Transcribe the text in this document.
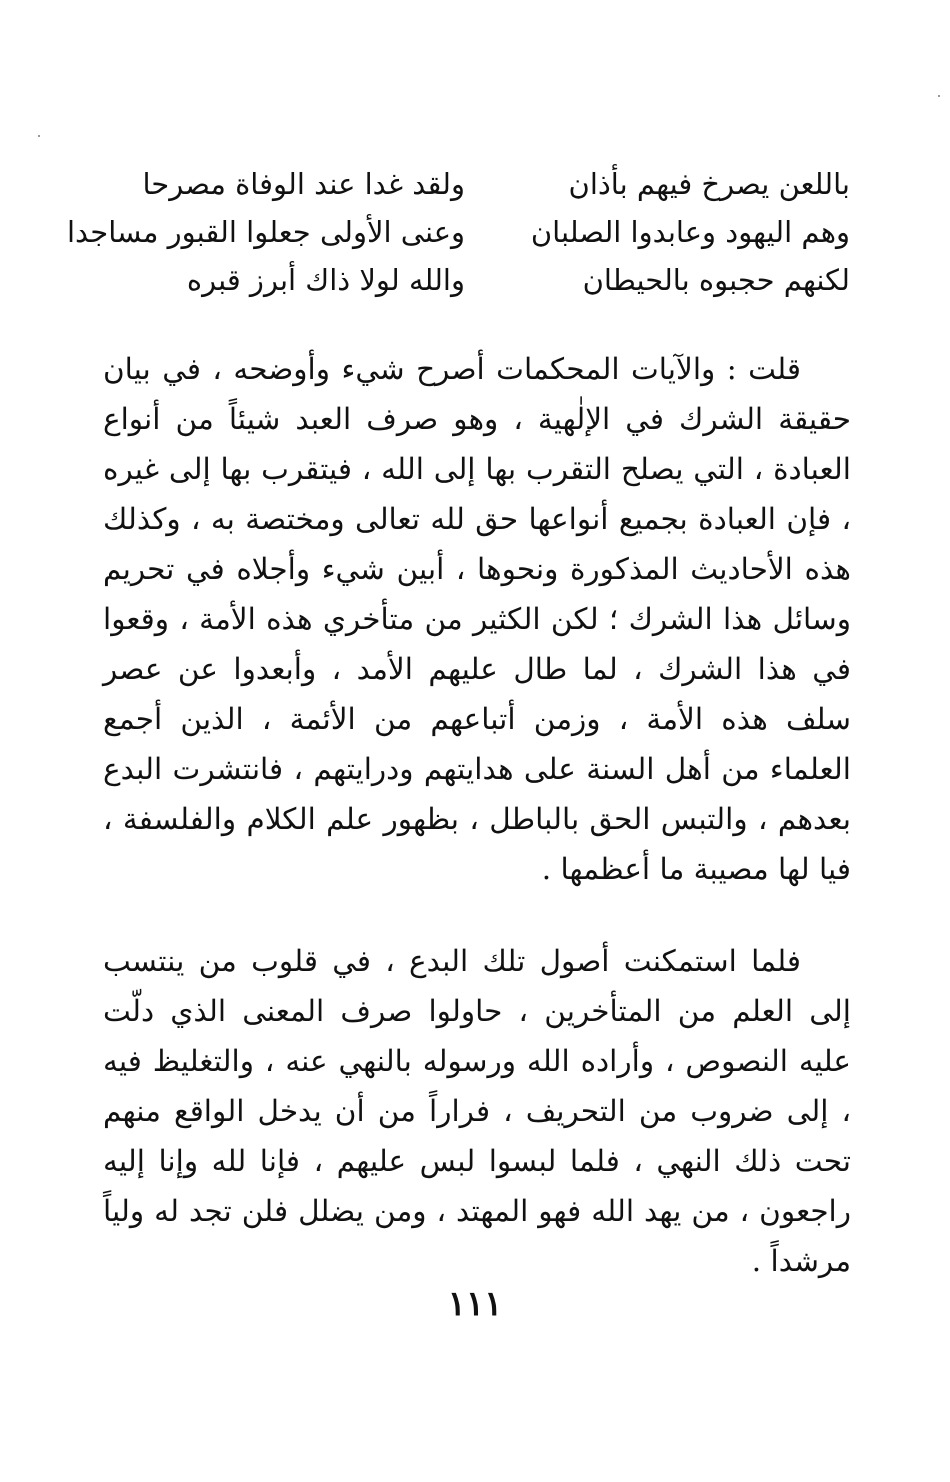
ولقد غدا عند الوفاة مصرحا	باللعن يصرخ فيهم بأذان
وعنى الأولى جعلوا القبور مساجدا	وهم اليهود وعابدوا الصلبان
والله لولا ذاك أبرز قبره	لكنهم حجبوه بالحيطان

قلت : والآيات المحكمات أصرح شيء وأوضحه ، في بيان حقيقة الشرك في الإلٰهية ، وهو صرف العبد شيئاً من أنواع العبادة ، التي يصلح التقرب بها إلى الله ، فيتقرب بها إلى غيره ، فإن العبادة بجميع أنواعها حق لله تعالى ومختصة به ، وكذلك هذه الأحاديث المذكورة ونحوها ، أبين شيء وأجلاه في تحريم وسائل هذا الشرك ؛ لكن الكثير من متأخري هذه الأمة ، وقعوا في هذا الشرك ، لما طال عليهم الأمد ، وأبعدوا عن عصر سلف هذه الأمة ، وزمن أتباعهم من الأئمة ، الذين أجمع العلماء من أهل السنة على هدايتهم ودرايتهم ، فانتشرت البدع بعدهم ، والتبس الحق بالباطل ، بظهور علم الكلام والفلسفة ، فيا لها مصيبة ما أعظمها .

فلما استمكنت أصول تلك البدع ، في قلوب من ينتسب إلى العلم من المتأخرين ، حاولوا صرف المعنى الذي دلّت عليه النصوص ، وأراده الله ورسوله بالنهي عنه ، والتغليظ فيه ، إلى ضروب من التحريف ، فراراً من أن يدخل الواقع منهم تحت ذلك النهي ، فلما لبسوا لبس عليهم ، فإنا لله وإنا إليه راجعون ، من يهد الله فهو المهتد ، ومن يضلل فلن تجد له ولياً مرشداً .

١١١
